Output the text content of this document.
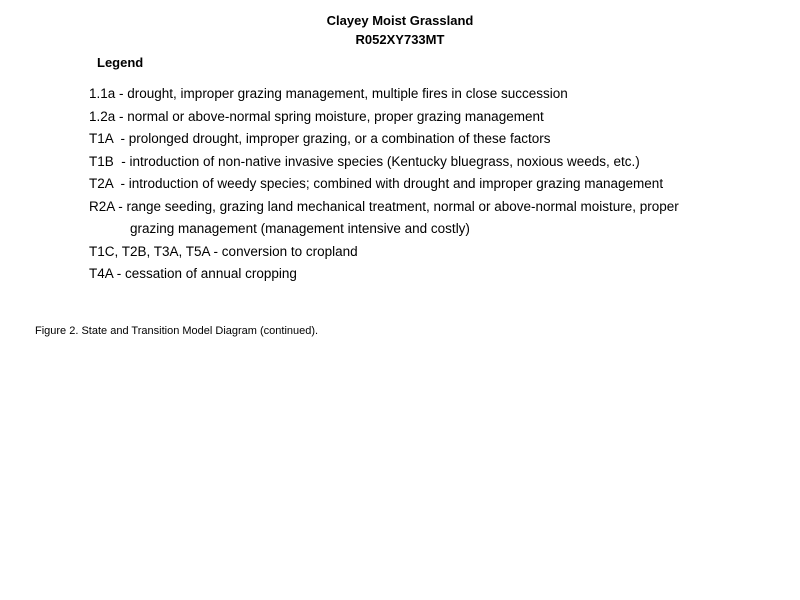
Clayey Moist Grassland
R052XY733MT
Legend
1.1a - drought, improper grazing management, multiple fires in close succession
1.2a - normal or above-normal spring moisture, proper grazing management
T1A  - prolonged drought, improper grazing, or a combination of these factors
T1B  - introduction of non-native invasive species (Kentucky bluegrass, noxious weeds, etc.)
T2A  - introduction of weedy species; combined with drought and improper grazing management
R2A - range seeding, grazing land mechanical treatment, normal or above-normal moisture, proper
grazing management (management intensive and costly)
T1C, T2B, T3A, T5A - conversion to cropland
T4A - cessation of annual cropping
Figure 2. State and Transition Model Diagram (continued).
